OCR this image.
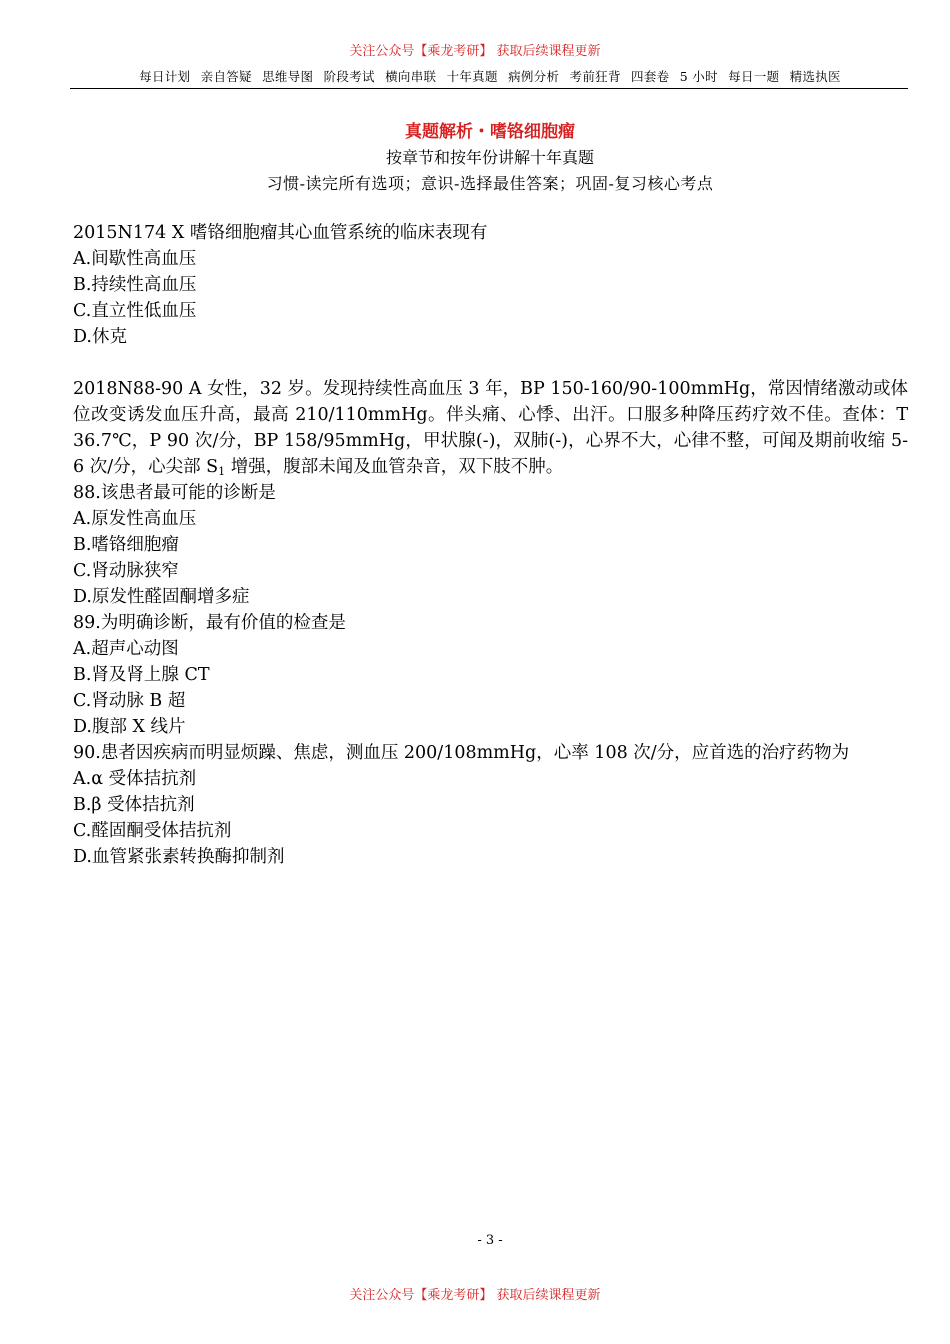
关注公众号【乘龙考研】 获取后续课程更新
每日计划 亲自答疑 思维导图 阶段考试 横向串联 十年真题 病例分析 考前狂背 四套卷 5 小时 每日一题 精选执医
真题解析・嗜铬细胞瘤
按章节和按年份讲解十年真题
习惯-读完所有选项；意识-选择最佳答案；巩固-复习核心考点
2015N174 X 嗜铬细胞瘤其心血管系统的临床表现有
A.间歇性高血压
B.持续性高血压
C.直立性低血压
D.休克
2018N88-90 A 女性，32 岁。发现持续性高血压 3 年，BP 150-160/90-100mmHg，常因情绪激动或体位改变诱发血压升高，最高 210/110mmHg。伴头痛、心悸、出汗。口服多种降压药疗效不佳。查体：T 36.7℃，P 90 次/分，BP 158/95mmHg，甲状腺(-)，双肺(-)，心界不大，心律不整，可闻及期前收缩 5-6 次/分，心尖部 $S_1$ 增强，腹部未闻及血管杂音，双下肢不肿。
88.该患者最可能的诊断是
A.原发性高血压
B.嗜铬细胞瘤
C.肾动脉狭窄
D.原发性醛固酮增多症
89.为明确诊断，最有价值的检查是
A.超声心动图
B.肾及肾上腺 CT
C.肾动脉 B 超
D.腹部 X 线片
90.患者因疾病而明显烦躁、焦虑，测血压 200/108mmHg，心率 108 次/分，应首选的治疗药物为
A.α 受体拮抗剂
B.β 受体拮抗剂
C.醛固酮受体拮抗剂
D.血管紧张素转换酶抑制剂
- 3 -
关注公众号【乘龙考研】 获取后续课程更新
